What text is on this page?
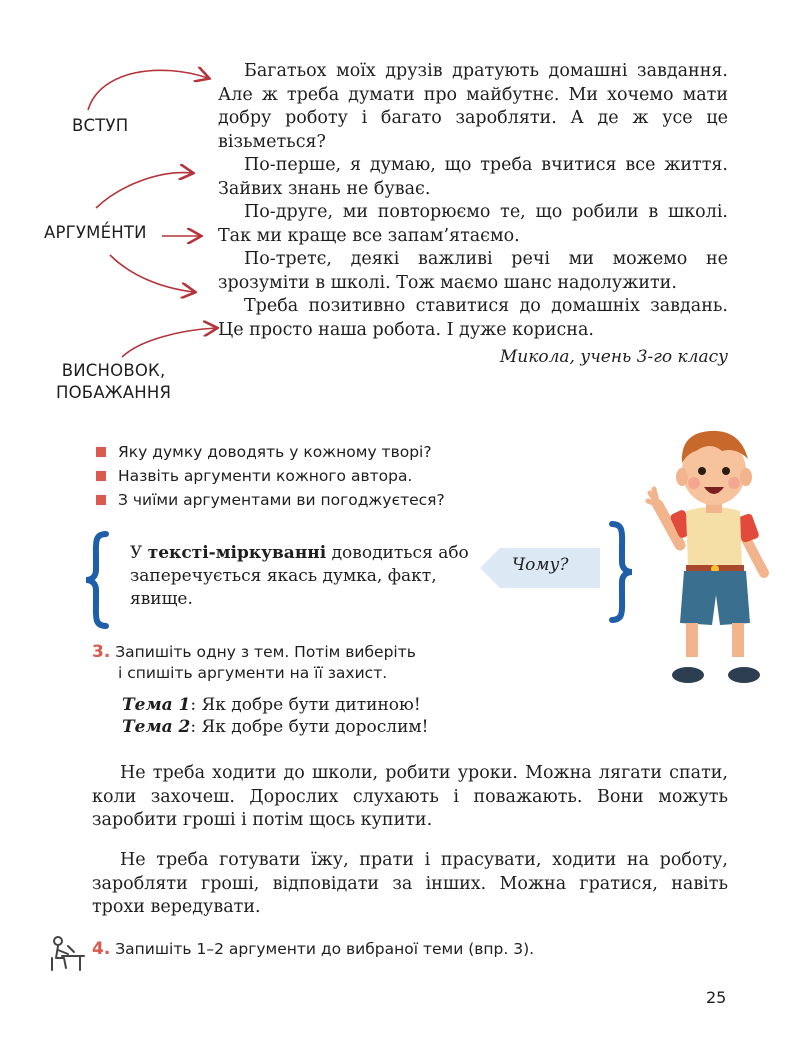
ВСТУП
АРГУМЕ́НТИ
ВИСНОВОК,
ПОБАЖАННЯ

Багатьох моїх друзів дратують домашні завдання. Але ж треба думати про майбутнє. Ми хочемо мати добру роботу і багато заробляти. А де ж усе це візьметься?

По-перше, я думаю, що треба вчитися все життя. Зайвих знань не буває.

По-друге, ми повторюємо те, що робили в школі. Так ми краще все запам’ятаємо.

По-третє, деякі важливі речі ми можемо не зрозуміти в школі. Тож маємо шанс надолужити.

Треба позитивно ставитися до домашніх завдань. Це просто наша робота. І дуже корисна.

Микола, учень 3-го класу
Яку думку доводять у кожному творі?
Назвіть аргументи кожного автора.
З чиїми аргументами ви погоджуєтеся?
У тексті-міркуванні доводиться або заперечується якась думка, факт, явище.
Чому?
3. Запишіть одну з тем. Потім виберіть
і спишіть аргументи на її захист.
Тема 1: Як добре бути дитиною!
Тема 2: Як добре бути дорослим!

Не треба ходити до школи, робити уроки. Можна лягати спати, коли захочеш. Дорослих слухають і поважають. Вони можуть заробити гроші і потім щось купити.

Не треба готувати їжу, прати і прасувати, ходити на роботу, заробляти гроші, відповідати за інших. Можна гратися, навіть трохи вередувати.

4. Запишіть 1–2 аргументи до вибраної теми (впр. 3).
25
